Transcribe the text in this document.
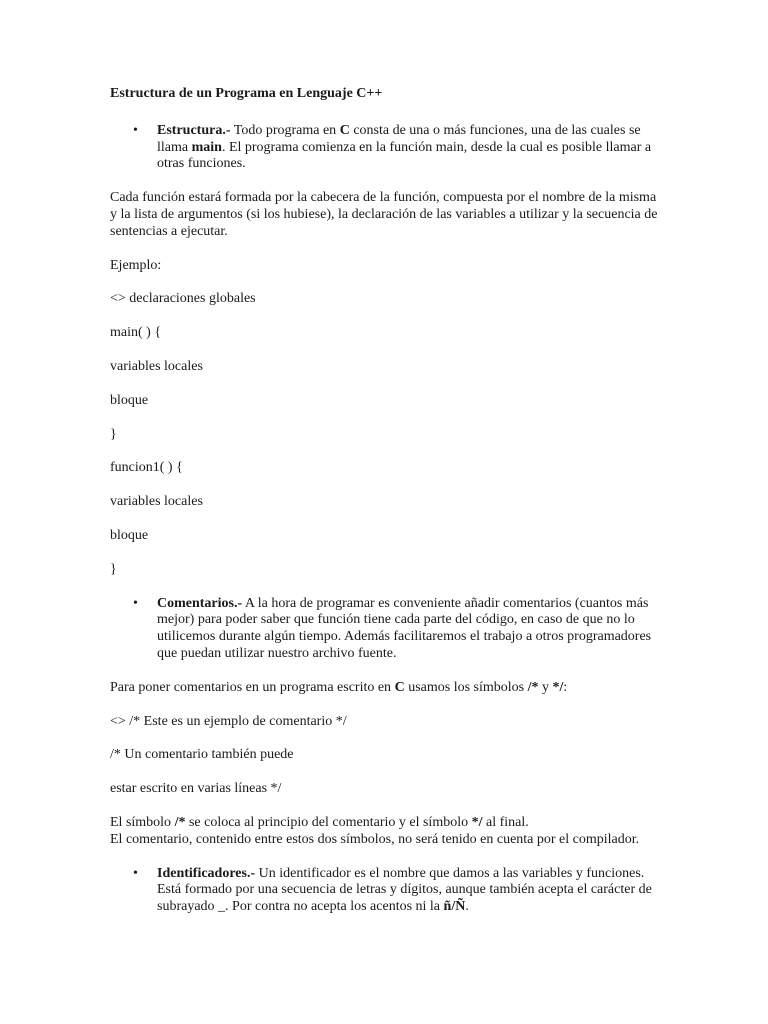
Estructura de un Programa en Lenguaje C++
• Estructura.- Todo programa en C consta de una o más funciones, una de las cuales se llama main. El programa comienza en la función main, desde la cual es posible llamar a otras funciones.
Cada función estará formada por la cabecera de la función, compuesta por el nombre de la misma y la lista de argumentos (si los hubiese), la declaración de las variables a utilizar y la secuencia de sentencias a ejecutar.
Ejemplo:
<> declaraciones globales
main( ) {
variables locales
bloque
}
funcion1( ) {
variables locales
bloque
}
• Comentarios.- A la hora de programar es conveniente añadir comentarios (cuantos más mejor) para poder saber que función tiene cada parte del código, en caso de que no lo utilicemos durante algún tiempo. Además facilitaremos el trabajo a otros programadores que puedan utilizar nuestro archivo fuente.
Para poner comentarios en un programa escrito en C usamos los símbolos /* y */:
<> /* Este es un ejemplo de comentario */
/* Un comentario también puede
estar escrito en varias líneas */
El símbolo /* se coloca al principio del comentario y el símbolo */ al final.
El comentario, contenido entre estos dos símbolos, no será tenido en cuenta por el compilador.
• Identificadores.- Un identificador es el nombre que damos a las variables y funciones. Está formado por una secuencia de letras y dígitos, aunque también acepta el carácter de subrayado _. Por contra no acepta los acentos ni la ñ/Ñ.
